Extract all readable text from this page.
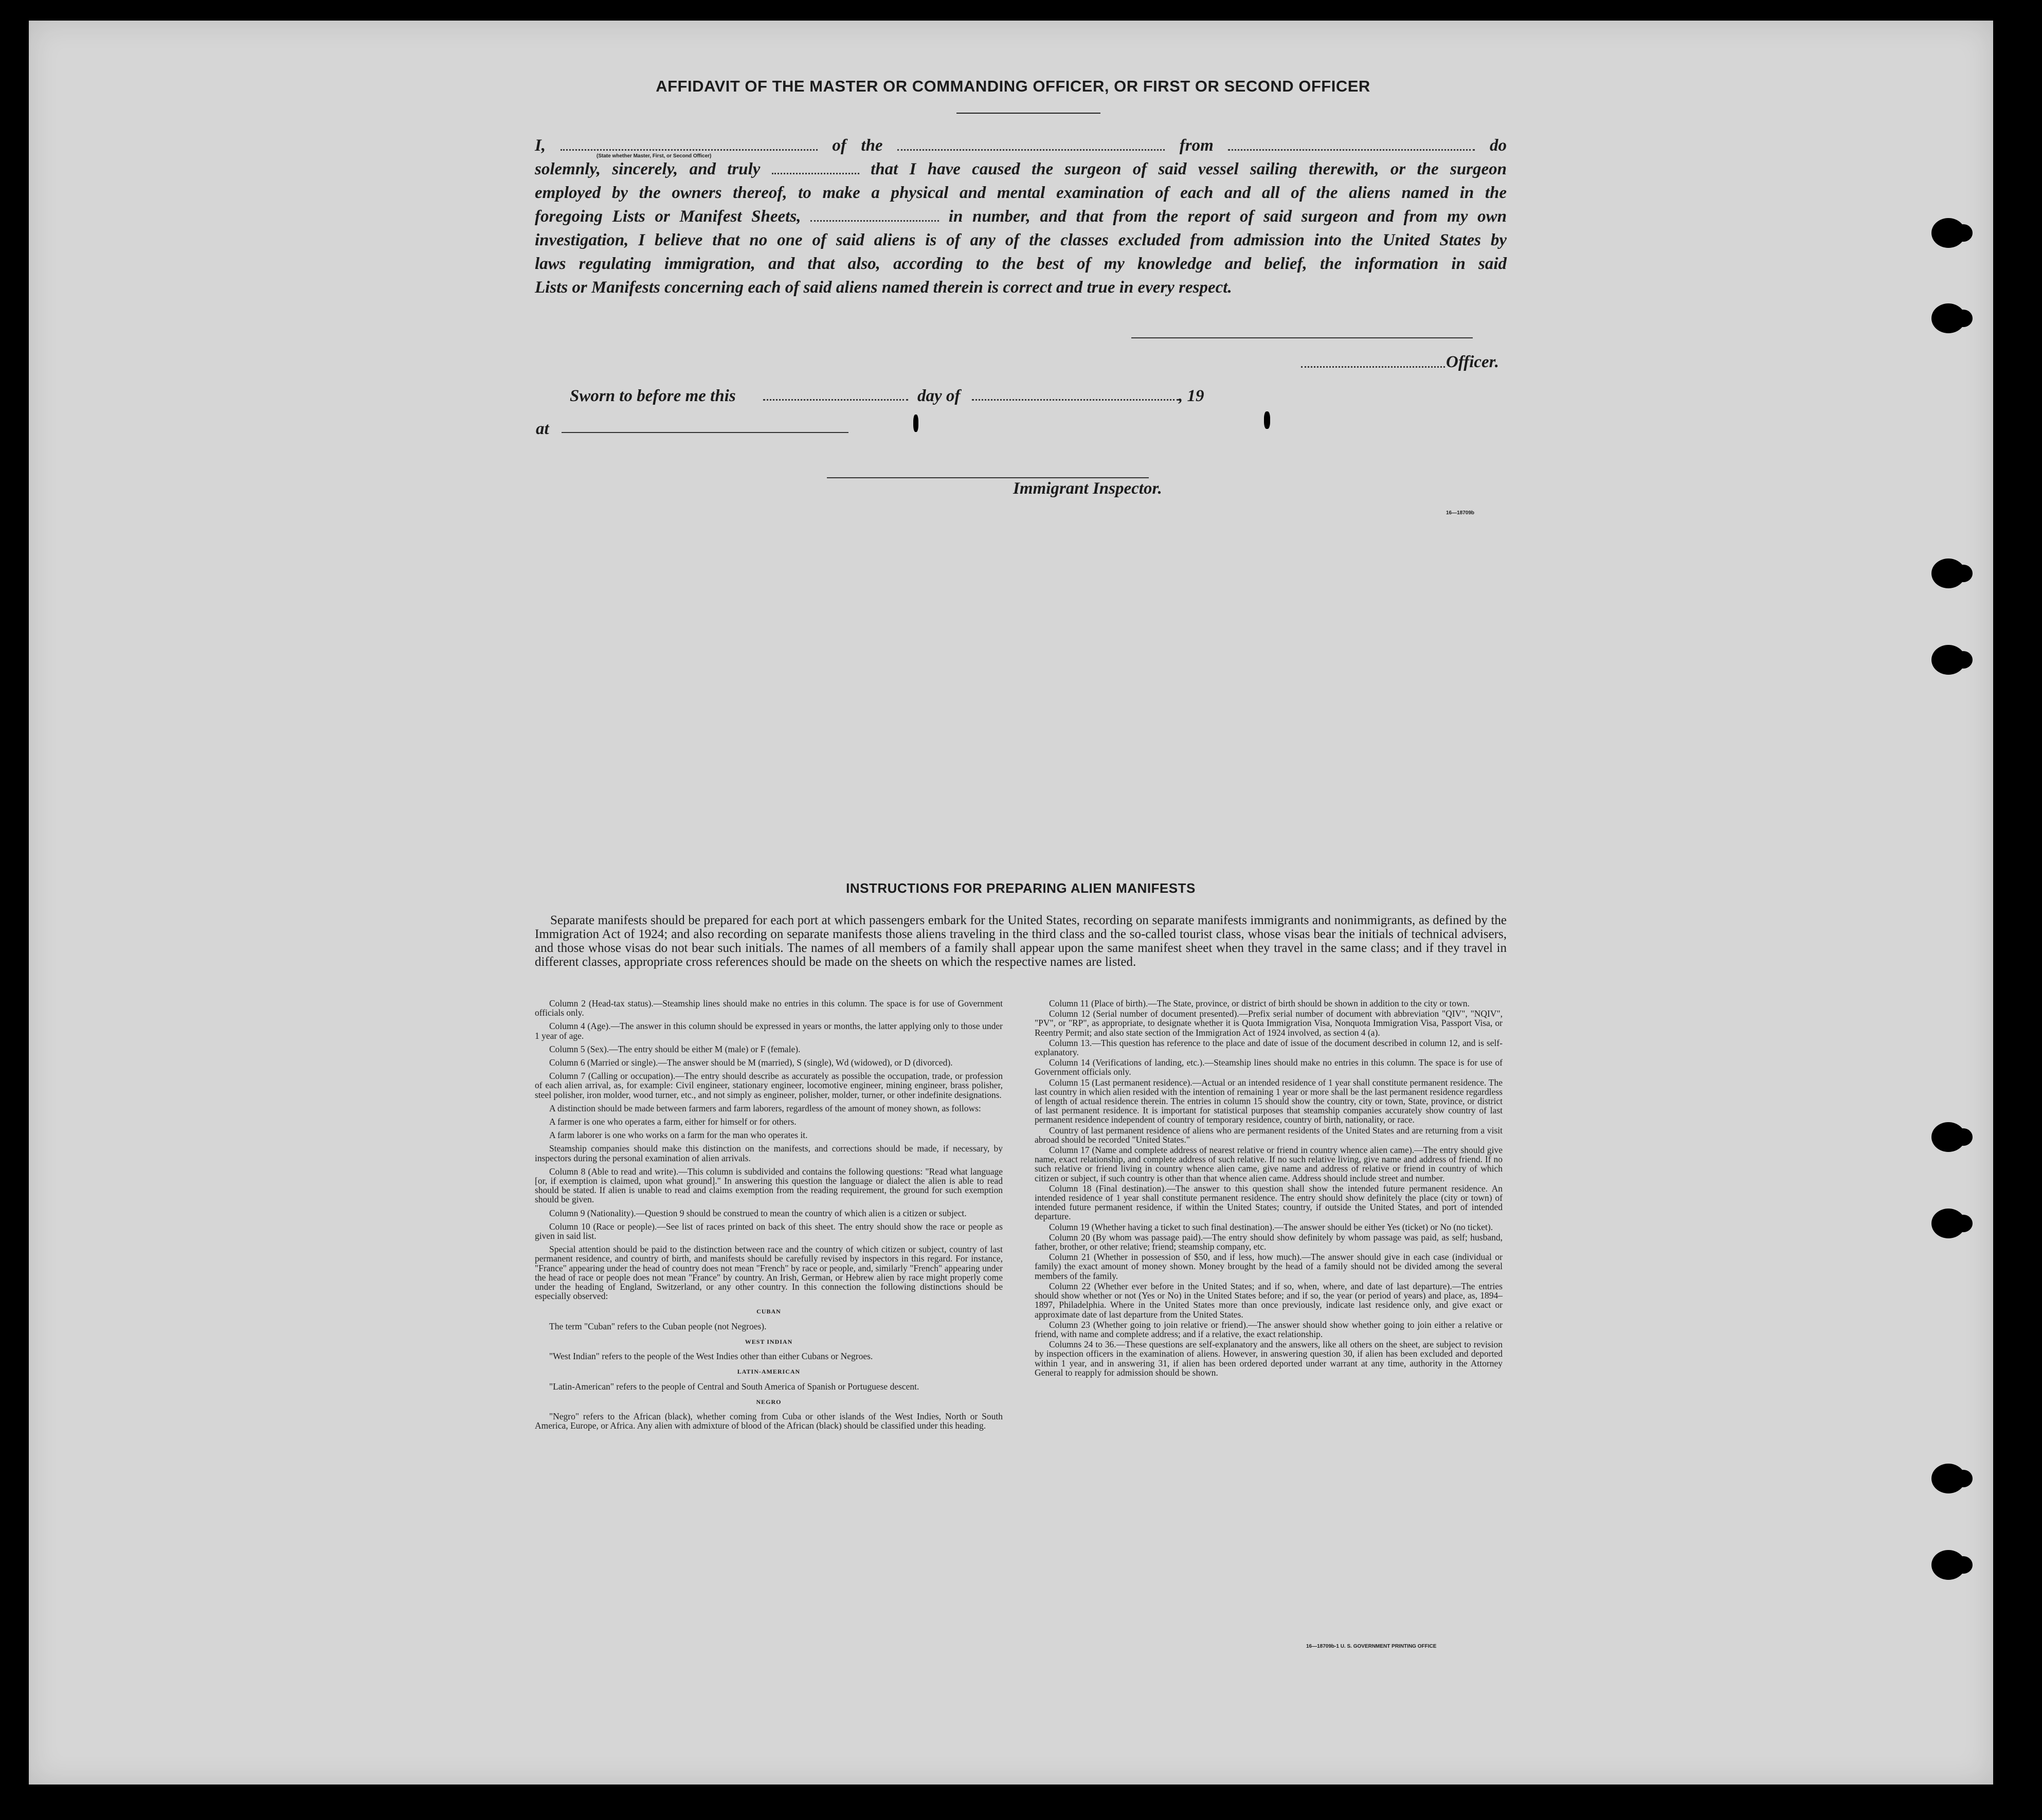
AFFIDAVIT OF THE MASTER OR COMMANDING OFFICER, OR FIRST OR SECOND OFFICER
(State whether Master, First, or Second Officer)
I,	of the	from	do
solemnly, sincerely, and truly	that I have caused the surgeon of said vessel sailing therewith, or the surgeon
employed by the owners thereof, to make a physical and mental examination of each and all of the aliens named in the
foregoing Lists or Manifest Sheets,	in number, and that from the report of said surgeon and from my own
investigation, I believe that no one of said aliens is of any of the classes excluded from admission into the United States by
laws regulating immigration, and that also, according to the best of my knowledge and belief, the information in said
Lists or Manifests concerning each of said aliens named therein is correct and true in every respect.
Officer.
Sworn to before me this	day of	, 19
at
Immigrant Inspector.
16—18709b
INSTRUCTIONS FOR PREPARING ALIEN MANIFESTS
Separate manifests should be prepared for each port at which passengers embark for the United States, recording on separate manifests immigrants and nonimmigrants, as defined by the Immigration Act of 1924; and also recording on separate manifests those aliens traveling in the third class and the so-called tourist class, whose visas bear the initials of technical advisers, and those whose visas do not bear such initials. The names of all members of a family shall appear upon the same manifest sheet when they travel in the same class; and if they travel in different classes, appropriate cross references should be made on the sheets on which the respective names are listed.

Column 2 (Head-tax status).—Steamship lines should make no entries in this column. The space is for use of Government officials only.

Column 4 (Age).—The answer in this column should be expressed in years or months, the latter applying only to those under 1 year of age.

Column 5 (Sex).—The entry should be either M (male) or F (female).

Column 6 (Married or single).—The answer should be M (married), S (single), Wd (widowed), or D (divorced).

Column 7 (Calling or occupation).—The entry should describe as accurately as possible the occupation, trade, or profession of each alien arrival, as, for example: Civil engineer, stationary engineer, locomotive engineer, mining engineer, brass polisher, steel polisher, iron molder, wood turner, etc., and not simply as engineer, polisher, molder, turner, or other indefinite designations.

A distinction should be made between farmers and farm laborers, regardless of the amount of money shown, as follows:

A farmer is one who operates a farm, either for himself or for others.

A farm laborer is one who works on a farm for the man who operates it.

Steamship companies should make this distinction on the manifests, and corrections should be made, if necessary, by inspectors during the personal examination of alien arrivals.

Column 8 (Able to read and write).—This column is subdivided and contains the following questions: "Read what language [or, if exemption is claimed, upon what ground]." In answering this question the language or dialect the alien is able to read should be stated. If alien is unable to read and claims exemption from the reading requirement, the ground for such exemption should be given.

Column 9 (Nationality).—Question 9 should be construed to mean the country of which alien is a citizen or subject.

Column 10 (Race or people).—See list of races printed on back of this sheet. The entry should show the race or people as given in said list.

Special attention should be paid to the distinction between race and the country of which citizen or subject, country of last permanent residence, and country of birth, and manifests should be carefully revised by inspectors in this regard. For instance, "France" appearing under the head of country does not mean "French" by race or people, and, similarly "French" appearing under the head of race or people does not mean "France" by country. An Irish, German, or Hebrew alien by race might properly come under the heading of England, Switzerland, or any other country. In this connection the following distinctions should be especially observed:

CUBAN

The term "Cuban" refers to the Cuban people (not Negroes).

WEST INDIAN

"West Indian" refers to the people of the West Indies other than either Cubans or Negroes.

LATIN-AMERICAN

"Latin-American" refers to the people of Central and South America of Spanish or Portuguese descent.

NEGRO

"Negro" refers to the African (black), whether coming from Cuba or other islands of the West Indies, North or South America, Europe, or Africa. Any alien with admixture of blood of the African (black) should be classified under this heading.

Column 11 (Place of birth).—The State, province, or district of birth should be shown in addition to the city or town.

Column 12 (Serial number of document presented).—Prefix serial number of document with abbreviation "QIV", "NQIV", "PV", or "RP", as appropriate, to designate whether it is Quota Immigration Visa, Nonquota Immigration Visa, Passport Visa, or Reentry Permit; and also state section of the Immigration Act of 1924 involved, as section 4 (a).

Column 13.—This question has reference to the place and date of issue of the document described in column 12, and is self-explanatory.

Column 14 (Verifications of landing, etc.).—Steamship lines should make no entries in this column. The space is for use of Government officials only.

Column 15 (Last permanent residence).—Actual or an intended residence of 1 year shall constitute permanent residence. The last country in which alien resided with the intention of remaining 1 year or more shall be the last permanent residence regardless of length of actual residence therein. The entries in column 15 should show the country, city or town, State, province, or district of last permanent residence. It is important for statistical purposes that steamship companies accurately show country of last permanent residence independent of country of temporary residence, country of birth, nationality, or race.

Country of last permanent residence of aliens who are permanent residents of the United States and are returning from a visit abroad should be recorded "United States."

Column 17 (Name and complete address of nearest relative or friend in country whence alien came).—The entry should give name, exact relationship, and complete address of such relative. If no such relative living, give name and address of friend. If no such relative or friend living in country whence alien came, give name and address of relative or friend in country of which citizen or subject, if such country is other than that whence alien came. Address should include street and number.

Column 18 (Final destination).—The answer to this question shall show the intended future permanent residence. An intended residence of 1 year shall constitute permanent residence. The entry should show definitely the place (city or town) of intended future permanent residence, if within the United States; country, if outside the United States, and port of intended departure.

Column 19 (Whether having a ticket to such final destination).—The answer should be either Yes (ticket) or No (no ticket).

Column 20 (By whom was passage paid).—The entry should show definitely by whom passage was paid, as self; husband, father, brother, or other relative; friend; steamship company, etc.

Column 21 (Whether in possession of $50, and if less, how much).—The answer should give in each case (individual or family) the exact amount of money shown. Money brought by the head of a family should not be divided among the several members of the family.

Column 22 (Whether ever before in the United States; and if so, when, where, and date of last departure).—The entries should show whether or not (Yes or No) in the United States before; and if so, the year (or period of years) and place, as, 1894–1897, Philadelphia. Where in the United States more than once previously, indicate last residence only, and give exact or approximate date of last departure from the United States.

Column 23 (Whether going to join relative or friend).—The answer should show whether going to join either a relative or friend, with name and complete address; and if a relative, the exact relationship.

Columns 24 to 36.—These questions are self-explanatory and the answers, like all others on the sheet, are subject to revision by inspection officers in the examination of aliens. However, in answering question 30, if alien has been excluded and deported within 1 year, and in answering 31, if alien has been ordered deported under warrant at any time, authority in the Attorney General to reapply for admission should be shown.

16—18709b-1 U. S. GOVERNMENT PRINTING OFFICE
